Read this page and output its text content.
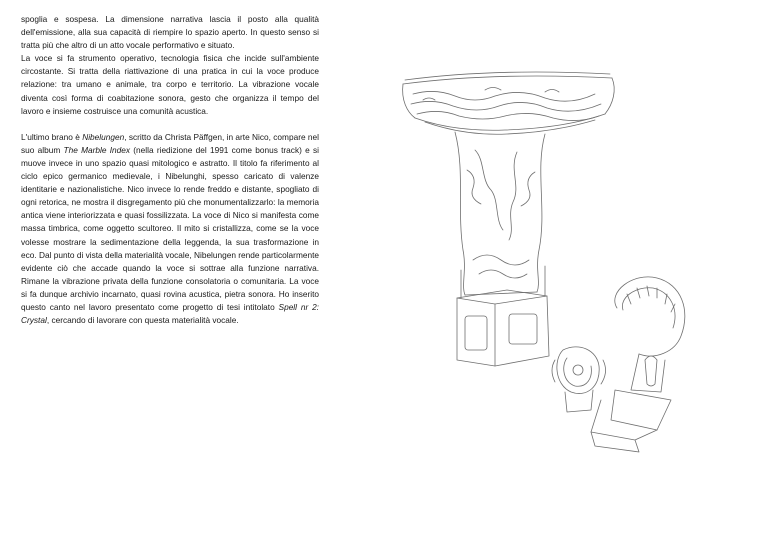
spoglia e sospesa. La dimensione narrativa lascia il posto alla qualità dell'emissione, alla sua capacità di riempire lo spazio aperto. In questo senso si tratta più che altro di un atto vocale performativo e situato.

La voce si fa strumento operativo, tecnologia fisica che incide sull'ambiente circostante. Si tratta della riattivazione di una pratica in cui la voce produce relazione: tra umano e animale, tra corpo e territorio. La vibrazione vocale diventa così forma di coabitazione sonora, gesto che organizza il tempo del lavoro e insieme costruisce una comunità acustica.

L'ultimo brano è Nibelungen, scritto da Christa Päffgen, in arte Nico, compare nel suo album The Marble Index (nella riedizione del 1991 come bonus track) e si muove invece in uno spazio quasi mitologico e astratto. Il titolo fa riferimento al ciclo epico germanico medievale, i Nibelunghi, spesso caricato di valenze identitarie e nazionalistiche. Nico invece lo rende freddo e distante, spogliato di ogni retorica, ne mostra il disgregamento più che monumentalizzarlo: la memoria antica viene interiorizzata e quasi fossilizzata. La voce di Nico si manifesta come massa timbrica, come oggetto scultoreo. Il mito si cristallizza, come se la voce volesse mostrare la sedimentazione della leggenda, la sua trasformazione in eco. Dal punto di vista della materialità vocale, Nibelungen rende particolarmente evidente ciò che accade quando la voce si sottrae alla funzione narrativa. Rimane la vibrazione privata della funzione consolatoria o comunitaria. La voce si fa dunque archivio incarnato, quasi rovina acustica, pietra sonora. Ho inserito questo canto nel lavoro presentato come progetto di tesi intitolato Spell nr 2: Crystal, cercando di lavorare con questa materialità vocale.
